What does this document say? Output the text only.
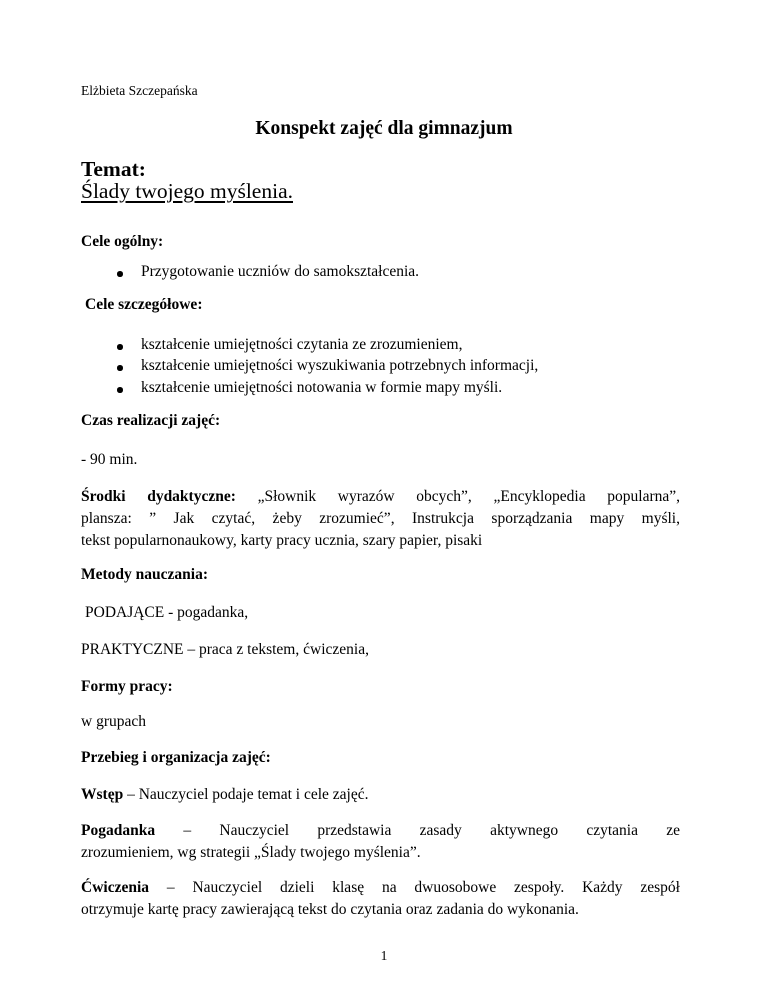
Elżbieta Szczepańska
Konspekt zajęć dla gimnazjum
Temat:
Ślady twojego myślenia.
Cele ogólny:
Przygotowanie uczniów do samokształcenia.
Cele szczegółowe:
kształcenie umiejętności czytania ze zrozumieniem,
kształcenie umiejętności wyszukiwania potrzebnych informacji,
kształcenie umiejętności notowania w formie mapy myśli.
Czas realizacji zajęć:
- 90 min.
Środki dydaktyczne: „Słownik wyrazów obcych”, „Encyklopedia popularna”,
plansza: ” Jak czytać, żeby zrozumieć”, Instrukcja sporządzania mapy myśli,
tekst popularnonaukowy, karty pracy ucznia, szary papier, pisaki
Metody nauczania:
PODAJĄCE - pogadanka,
PRAKTYCZNE – praca z tekstem, ćwiczenia,
Formy pracy:
w grupach
Przebieg i organizacja zajęć:
Wstęp – Nauczyciel podaje temat i cele zajęć.
Pogadanka – Nauczyciel przedstawia zasady aktywnego czytania ze
zrozumieniem, wg strategii „Ślady twojego myślenia”.
Ćwiczenia – Nauczyciel dzieli klasę na dwuosobowe zespoły. Każdy zespół
otrzymuje kartę pracy zawierającą tekst do czytania oraz zadania do wykonania.
1
